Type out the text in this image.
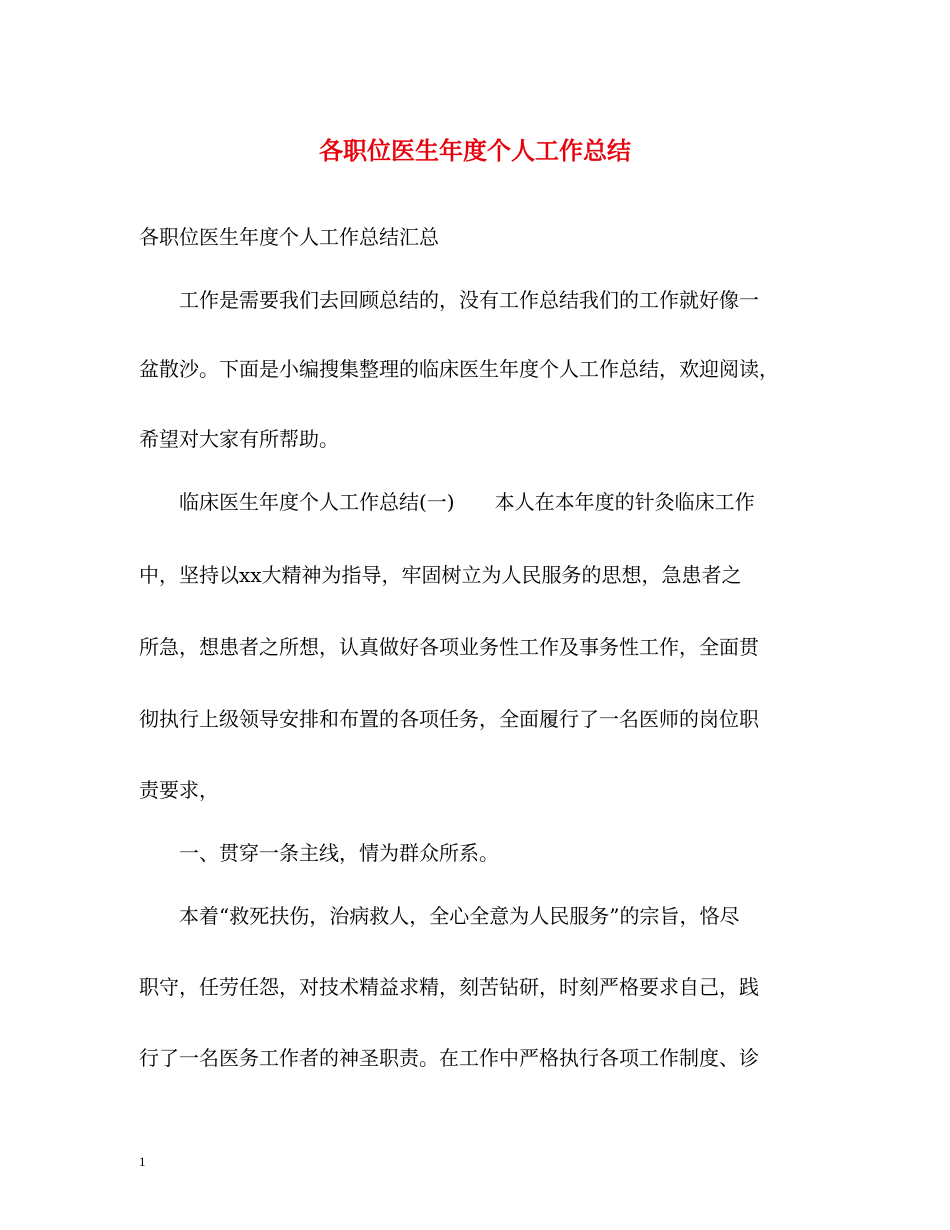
各职位医生年度个人工作总结
各职位医生年度个人工作总结汇总
　　工作是需要我们去回顾总结的，没有工作总结我们的工作就好像一
盆散沙。下面是小编搜集整理的临床医生年度个人工作总结，欢迎阅读，
希望对大家有所帮助。
　　临床医生年度个人工作总结(一)　　本人在本年度的针灸临床工作
中，坚持以xx大精神为指导，牢固树立为人民服务的思想，急患者之
所急，想患者之所想，认真做好各项业务性工作及事务性工作，全面贯
彻执行上级领导安排和布置的各项任务，全面履行了一名医师的岗位职
责要求，
　　一、贯穿一条主线，情为群众所系。
　　本着“救死扶伤，治病救人，全心全意为人民服务”的宗旨，恪尽
职守，任劳任怨，对技术精益求精，刻苦钻研，时刻严格要求自己，践
行了一名医务工作者的神圣职责。在工作中严格执行各项工作制度、诊
1
